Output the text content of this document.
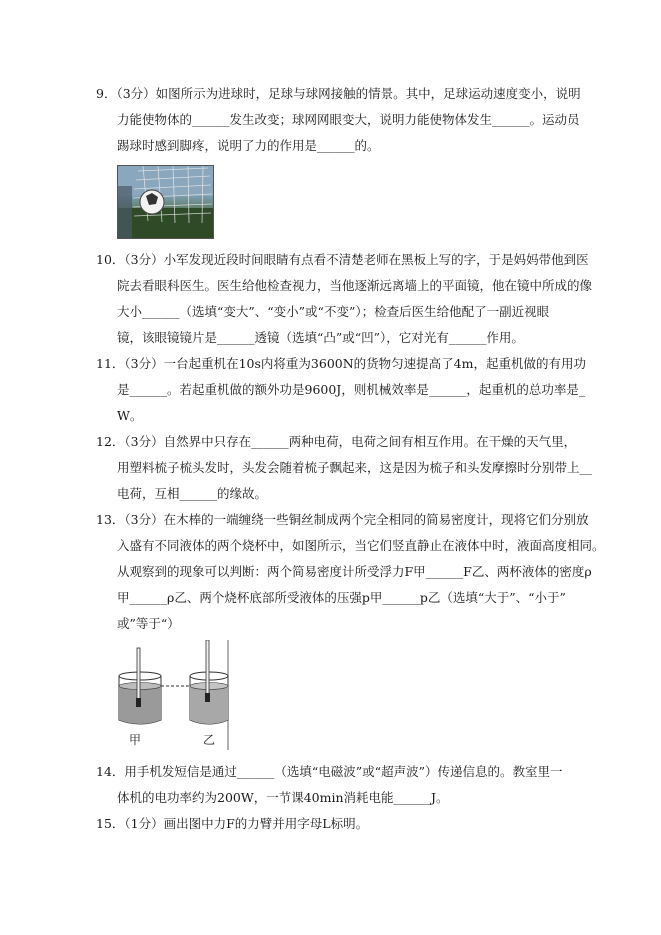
9．（3分）如图所示为进球时，足球与球网接触的情景。其中，足球运动速度变小，说明
力能使物体的______发生改变；球网网眼变大，说明力能使物体发生______。运动员
踢球时感到脚疼，说明了力的作用是______的。
10．（3分）小军发现近段时间眼睛有点看不清楚老师在黑板上写的字，于是妈妈带他到医
院去看眼科医生。医生给他检查视力，当他逐渐远离墙上的平面镜，他在镜中所成的像
大小______（选填“变大”、“变小”或“不变”）；检查后医生给他配了一副近视眼
镜，该眼镜镜片是______透镜（选填“凸”或“凹”），它对光有______作用。
11．（3分）一台起重机在10s内将重为3600N的货物匀速提高了4m，起重机做的有用功
是______。若起重机做的额外功是9600J，则机械效率是______，起重机的总功率是_
W。
12．（3分）自然界中只存在______两种电荷，电荷之间有相互作用。在干燥的天气里，
用塑料梳子梳头发时，头发会随着梳子飘起来，这是因为梳子和头发摩擦时分别带上__
电荷，互相______的缘故。
13．（3分）在木棒的一端缠绕一些铜丝制成两个完全相同的简易密度计，现将它们分别放
入盛有不同液体的两个烧杯中，如图所示，当它们竖直静止在液体中时，液面高度相同。
从观察到的现象可以判断：两个简易密度计所受浮力F甲______F乙、两杯液体的密度ρ
甲______ρ乙、两个烧杯底部所受液体的压强p甲______p乙（选填“大于”、“小于”
或”等于“）
甲	乙
14．用手机发短信是通过______（选填“电磁波”或“超声波”）传递信息的。教室里一
体机的电功率约为200W，一节课40min消耗电能______J。
15．（1分）画出图中力F的力臂并用字母L标明。
